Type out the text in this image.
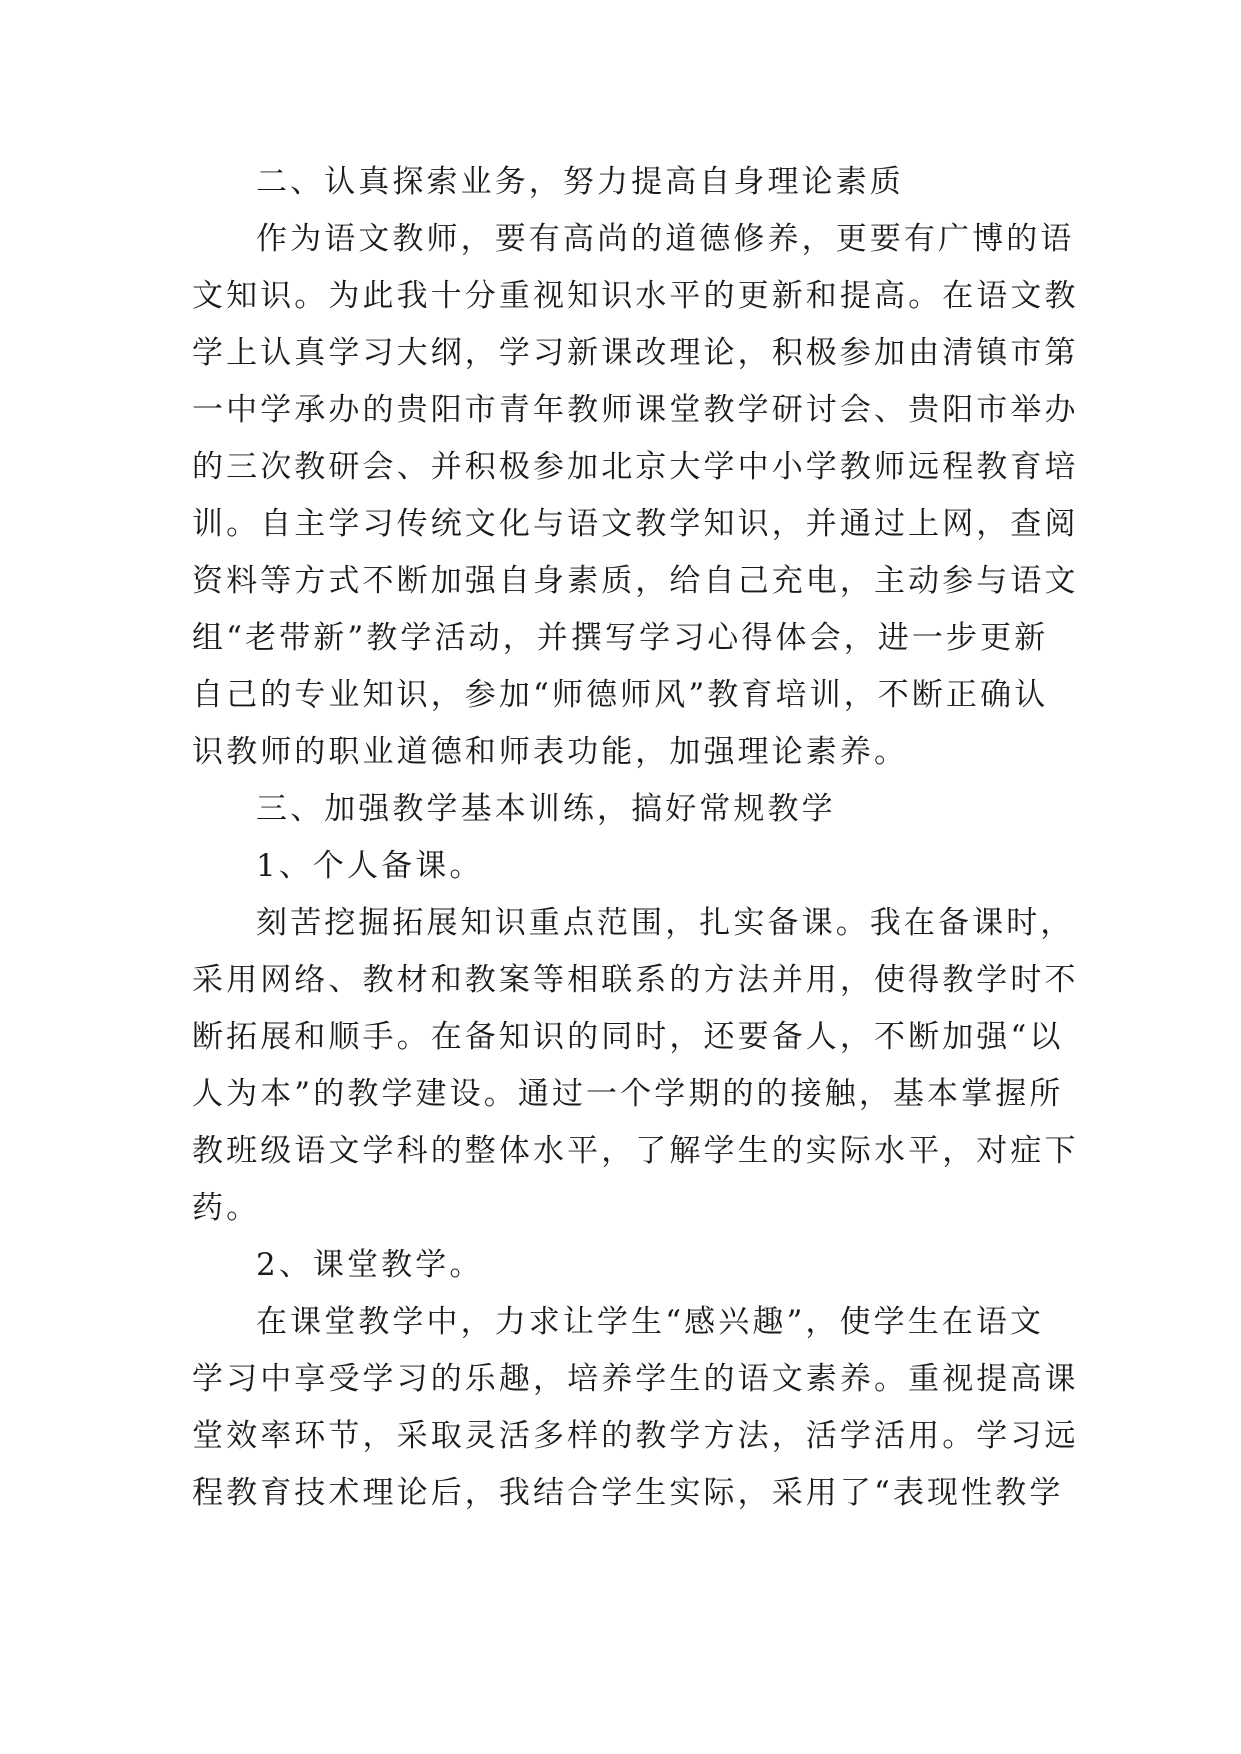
二、认真探索业务，努力提高自身理论素质
作为语文教师，要有高尚的道德修养，更要有广博的语
文知识。为此我十分重视知识水平的更新和提高。在语文教
学上认真学习大纲，学习新课改理论，积极参加由清镇市第
一中学承办的贵阳市青年教师课堂教学研讨会、贵阳市举办
的三次教研会、并积极参加北京大学中小学教师远程教育培
训。自主学习传统文化与语文教学知识，并通过上网，查阅
资料等方式不断加强自身素质，给自己充电，主动参与语文
组“老带新”教学活动，并撰写学习心得体会，进一步更新
自己的专业知识，参加“师德师风”教育培训，不断正确认
识教师的职业道德和师表功能，加强理论素养。
三、加强教学基本训练，搞好常规教学
1、个人备课。
刻苦挖掘拓展知识重点范围，扎实备课。我在备课时，
采用网络、教材和教案等相联系的方法并用，使得教学时不
断拓展和顺手。在备知识的同时，还要备人，不断加强“以
人为本”的教学建设。通过一个学期的的接触，基本掌握所
教班级语文学科的整体水平，了解学生的实际水平，对症下
药。
2、课堂教学。
在课堂教学中，力求让学生“感兴趣”，使学生在语文
学习中享受学习的乐趣，培养学生的语文素养。重视提高课
堂效率环节，采取灵活多样的教学方法，活学活用。学习远
程教育技术理论后，我结合学生实际，采用了“表现性教学
